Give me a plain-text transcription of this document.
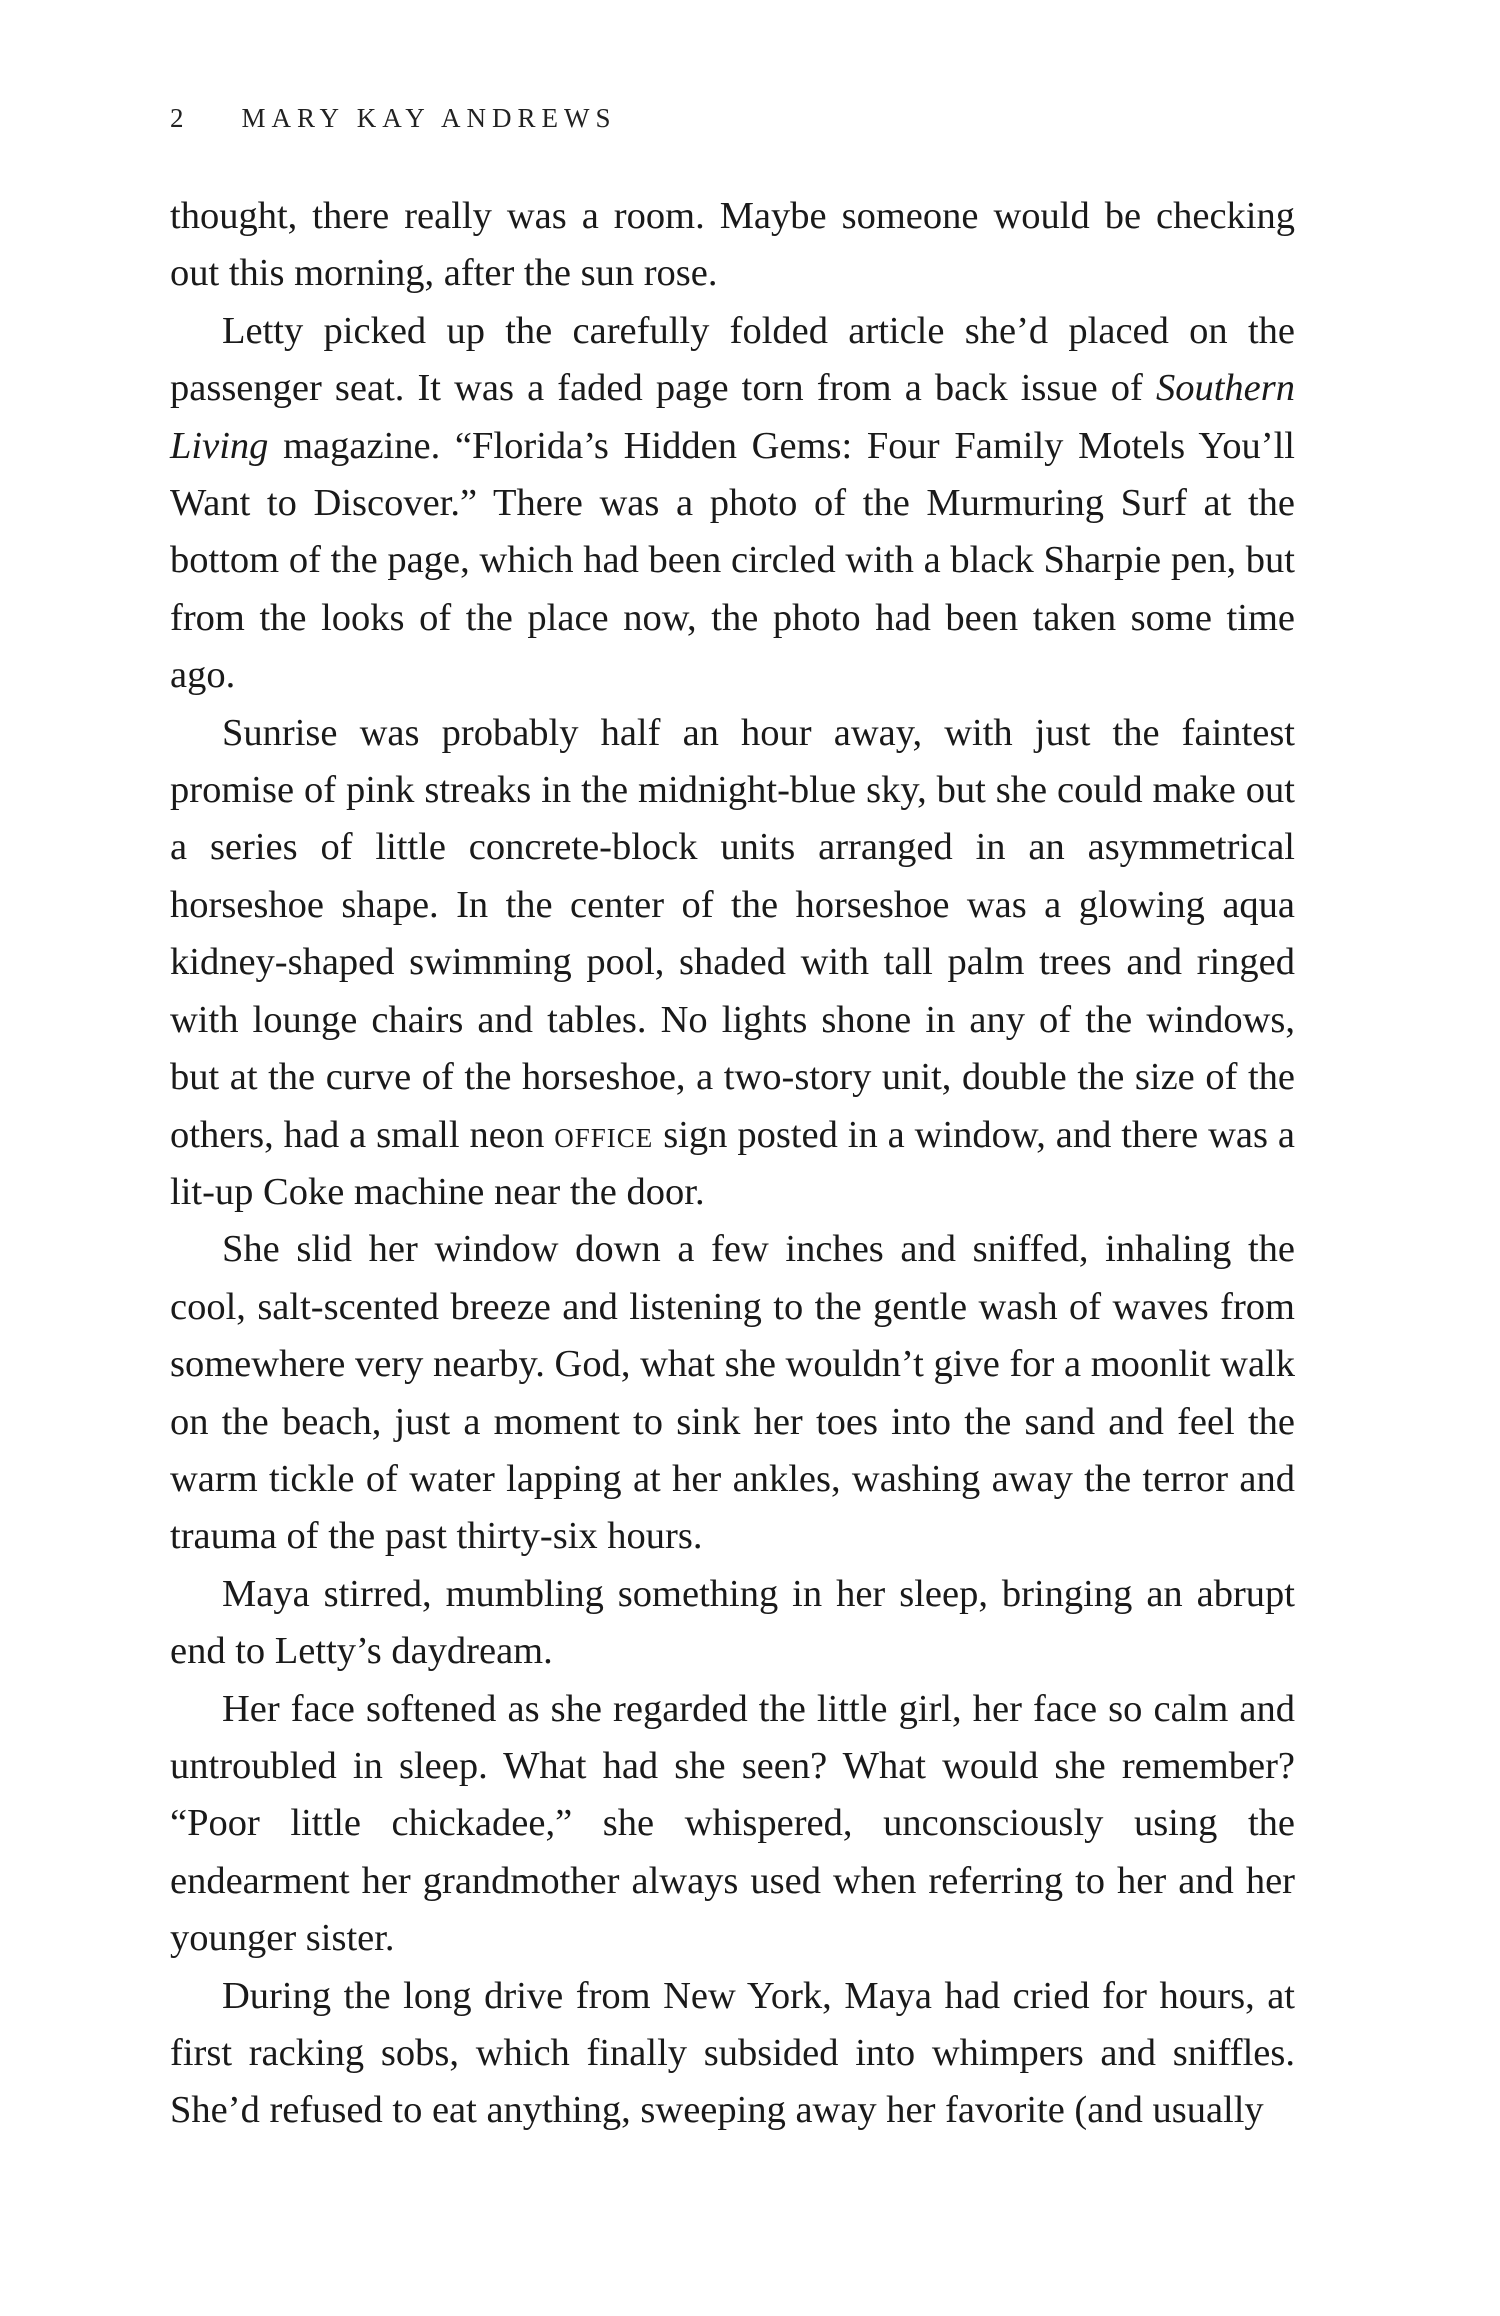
2 MARY KAY ANDREWS

thought, there really was a room. Maybe someone would be checking out this morning, after the sun rose.

Letty picked up the carefully folded article she’d placed on the passenger seat. It was a faded page torn from a back issue of Southern Living magazine. “Florida’s Hidden Gems: Four Family Motels You’ll Want to Discover.” There was a photo of the Murmuring Surf at the bottom of the page, which had been circled with a black Sharpie pen, but from the looks of the place now, the photo had been taken some time ago.

Sunrise was probably half an hour away, with just the faintest promise of pink streaks in the midnight-blue sky, but she could make out a series of little concrete-block units arranged in an asymmetrical horseshoe shape. In the center of the horseshoe was a glowing aqua kidney-shaped swimming pool, shaded with tall palm trees and ringed with lounge chairs and tables. No lights shone in any of the windows, but at the curve of the horseshoe, a two-story unit, double the size of the others, had a small neon office sign posted in a window, and there was a lit-up Coke machine near the door.

She slid her window down a few inches and sniffed, inhaling the cool, salt-scented breeze and listening to the gentle wash of waves from somewhere very nearby. God, what she wouldn’t give for a moonlit walk on the beach, just a moment to sink her toes into the sand and feel the warm tickle of water lapping at her ankles, washing away the terror and trauma of the past thirty-six hours.

Maya stirred, mumbling something in her sleep, bringing an abrupt end to Letty’s daydream.

Her face softened as she regarded the little girl, her face so calm and untroubled in sleep. What had she seen? What would she remember? “Poor little chickadee,” she whispered, unconsciously using the endearment her grandmother always used when referring to her and her younger sister.

During the long drive from New York, Maya had cried for hours, at first racking sobs, which finally subsided into whimpers and sniffles. She’d refused to eat anything, sweeping away her favorite (and usually
